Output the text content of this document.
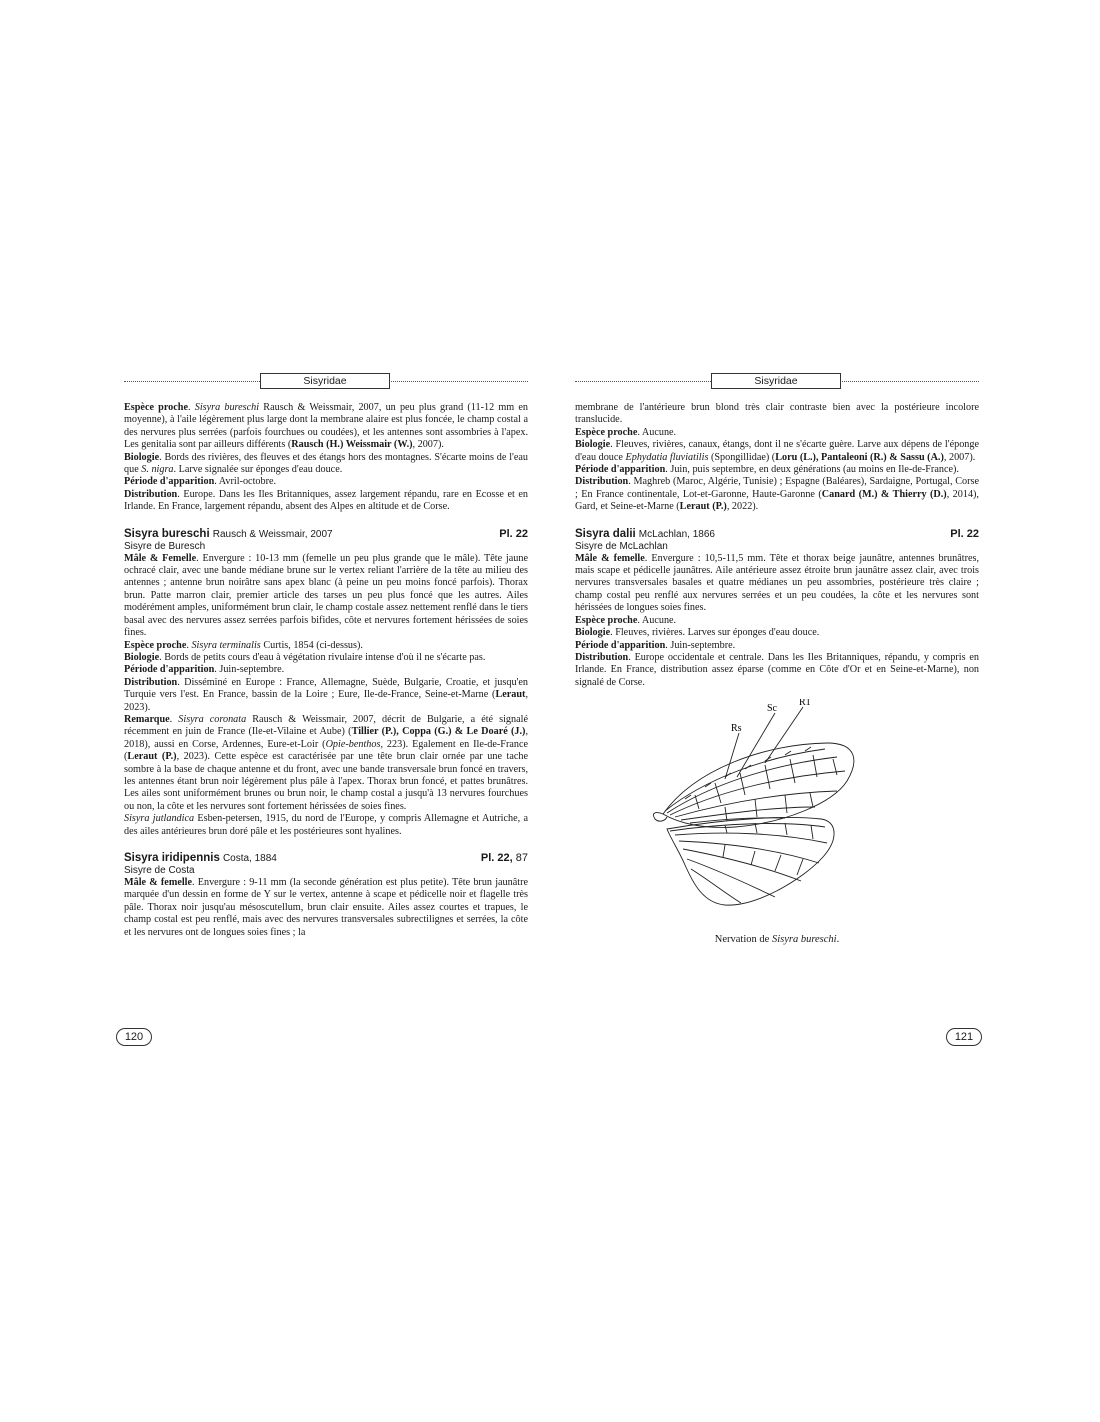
Sisyridae

Espèce proche. Sisyra bureschi Rausch & Weissmair, 2007, un peu plus grand (11-12 mm en moyenne), à l'aile légèrement plus large dont la membrane alaire est plus foncée, le champ costal a des nervures plus serrées (parfois fourchues ou coudées), et les antennes sont assombries à l'apex. Les genitalia sont par ailleurs différents (Rausch (H.) Weissmair (W.), 2007).

Biologie. Bords des rivières, des fleuves et des étangs hors des montagnes. S'écarte moins de l'eau que S. nigra. Larve signalée sur éponges d'eau douce.

Période d'apparition. Avril-octobre.

Distribution. Europe. Dans les Iles Britanniques, assez largement répandu, rare en Ecosse et en Irlande. En France, largement répandu, absent des Alpes en altitude et de Corse.

Sisyra bureschi Rausch & Weissmair, 2007	Pl. 22
Sisyre de Buresch

Mâle & Femelle. Envergure : 10-13 mm (femelle un peu plus grande que le mâle). Tête jaune ochracé clair, avec une bande médiane brune sur le vertex reliant l'arrière de la tête au milieu des antennes ; antenne brun noirâtre sans apex blanc (à peine un peu moins foncé parfois). Thorax brun. Patte marron clair, premier article des tarses un peu plus foncé que les autres. Ailes modérément amples, uniformément brun clair, le champ costale assez nettement renflé dans le tiers basal avec des nervures assez serrées parfois bifides, côte et nervures fortement hérissées de soies fines.

Espèce proche. Sisyra terminalis Curtis, 1854 (ci-dessus).

Biologie. Bords de petits cours d'eau à végétation rivulaire intense d'où il ne s'écarte pas.

Période d'apparition. Juin-septembre.

Distribution. Disséminé en Europe : France, Allemagne, Suède, Bulgarie, Croatie, et jusqu'en Turquie vers l'est. En France, bassin de la Loire ; Eure, Ile-de-France, Seine-et-Marne (Leraut, 2023).

Remarque. Sisyra coronata Rausch & Weissmair, 2007, décrit de Bulgarie, a été signalé récemment en juin de France (Ile-et-Vilaine et Aube) (Tillier (P.), Coppa (G.) & Le Doaré (J.), 2018), aussi en Corse, Ardennes, Eure-et-Loir (Opie-benthos, 223). Egalement en Ile-de-France (Leraut (P.), 2023). Cette espèce est caractérisée par une tête brun clair ornée par une tache sombre à la base de chaque antenne et du front, avec une bande transversale brun foncé en travers, les antennes étant brun noir légèrement plus pâle à l'apex. Thorax brun foncé, et pattes brunâtres. Les ailes sont uniformément brunes ou brun noir, le champ costal a jusqu'à 13 nervures fourchues ou non, la côte et les nervures sont fortement hérissées de soies fines.

Sisyra jutlandica Esben-petersen, 1915, du nord de l'Europe, y compris Allemagne et Autriche, a des ailes antérieures brun doré pâle et les postérieures sont hyalines.

Sisyra iridipennis Costa, 1884	Pl. 22, 87
Sisyre de Costa

Mâle & femelle. Envergure : 9-11 mm (la seconde génération est plus petite). Tête brun jaunâtre marquée d'un dessin en forme de Y sur le vertex, antenne à scape et pédicelle noir et flagelle très pâle. Thorax noir jusqu'au mésoscutellum, brun clair ensuite. Ailes assez courtes et trapues, le champ costal est peu renflé, mais avec des nervures transversales subrectilignes et serrées, la côte et les nervures ont de longues soies fines ; la

120
Sisyridae

membrane de l'antérieure brun blond très clair contraste bien avec la postérieure incolore translucide.

Espèce proche. Aucune.

Biologie. Fleuves, rivières, canaux, étangs, dont il ne s'écarte guère. Larve aux dépens de l'éponge d'eau douce Ephydatia fluviatilis (Spongillidae) (Loru (L.), Pantaleoni (R.) & Sassu (A.), 2007).

Période d'apparition. Juin, puis septembre, en deux générations (au moins en Ile-de-France).

Distribution. Maghreb (Maroc, Algérie, Tunisie) ; Espagne (Baléares), Sardaigne, Portugal, Corse ; En France continentale, Lot-et-Garonne, Haute-Garonne (Canard (M.) & Thierry (D.), 2014), Gard, et Seine-et-Marne (Leraut (P.), 2022).

Sisyra dalii McLachlan, 1866	Pl. 22
Sisyre de McLachlan

Mâle & femelle. Envergure : 10,5-11,5 mm. Tête et thorax beige jaunâtre, antennes brunâtres, mais scape et pédicelle jaunâtres. Aile antérieure assez étroite brun jaunâtre assez clair, avec trois nervures transversales basales et quatre médianes un peu assombries, postérieure très claire ; champ costal peu renflé aux nervures serrées et un peu coudées, la côte et les nervures sont hérissées de longues soies fines.

Espèce proche. Aucune.

Biologie. Fleuves, rivières. Larves sur éponges d'eau douce.

Période d'apparition. Juin-septembre.

Distribution. Europe occidentale et centrale. Dans les Iles Britanniques, répandu, y compris en Irlande. En France, distribution assez éparse (comme en Côte d'Or et en Seine-et-Marne), non signalé de Corse.

Sc
R1
Rs
Nervation de Sisyra bureschi.
121
